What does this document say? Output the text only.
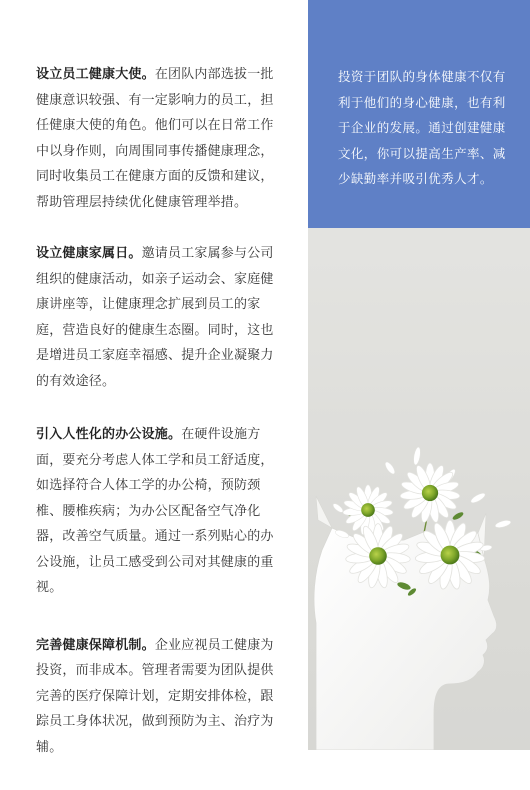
设立员工健康大使。在团队内部选拔一批健康意识较强、有一定影响力的员工，担任健康大使的角色。他们可以在日常工作中以身作则，向周围同事传播健康理念，同时收集员工在健康方面的反馈和建议，帮助管理层持续优化健康管理举措。

设立健康家属日。邀请员工家属参与公司组织的健康活动，如亲子运动会、家庭健康讲座等，让健康理念扩展到员工的家庭，营造良好的健康生态圈。同时，这也是增进员工家庭幸福感、提升企业凝聚力的有效途径。

引入人性化的办公设施。在硬件设施方面，要充分考虑人体工学和员工舒适度，如选择符合人体工学的办公椅，预防颈椎、腰椎疾病；为办公区配备空气净化器，改善空气质量。通过一系列贴心的办公设施，让员工感受到公司对其健康的重视。

完善健康保障机制。企业应视员工健康为投资，而非成本。管理者需要为团队提供完善的医疗保障计划，定期安排体检，跟踪员工身体状况，做到预防为主、治疗为辅。

投资于团队的身体健康不仅有利于他们的身心健康，也有利于企业的发展。通过创建健康文化，你可以提高生产率、减少缺勤率并吸引优秀人才。
